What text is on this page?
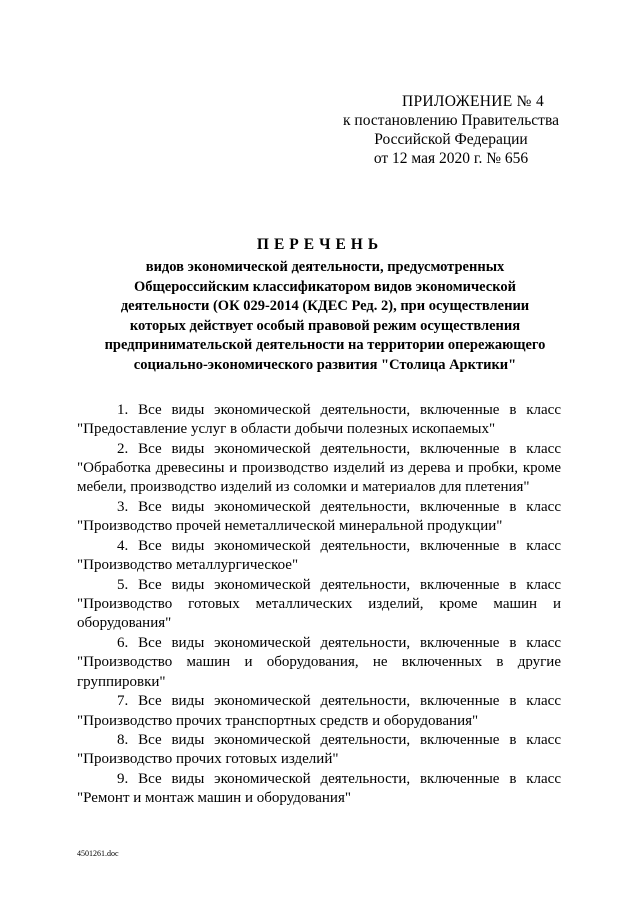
ПРИЛОЖЕНИЕ № 4
к постановлению Правительства
Российской Федерации
от 12 мая 2020 г. № 656
ПЕРЕЧЕНЬ
видов экономической деятельности, предусмотренных
Общероссийским классификатором видов экономической
деятельности (ОК 029-2014 (КДЕС Ред. 2), при осуществлении
которых действует особый правовой режим осуществления
предпринимательской деятельности на территории опережающего
социально-экономического развития "Столица Арктики"
1. Все виды экономической деятельности, включенные в класс
"Предоставление услуг в области добычи полезных ископаемых"
2. Все виды экономической деятельности, включенные в класс
"Обработка древесины и производство изделий из дерева и пробки, кроме мебели, производство изделий из соломки и материалов для плетения"
3. Все виды экономической деятельности, включенные в класс
"Производство прочей неметаллической минеральной продукции"
4. Все виды экономической деятельности, включенные в класс
"Производство металлургическое"
5. Все виды экономической деятельности, включенные в класс
"Производство готовых металлических изделий, кроме машин и оборудования"
6. Все виды экономической деятельности, включенные в класс
"Производство машин и оборудования, не включенных в другие группировки"
7. Все виды экономической деятельности, включенные в класс
"Производство прочих транспортных средств и оборудования"
8. Все виды экономической деятельности, включенные в класс
"Производство прочих готовых изделий"
9. Все виды экономической деятельности, включенные в класс
"Ремонт и монтаж машин и оборудования"
4501261.doc
